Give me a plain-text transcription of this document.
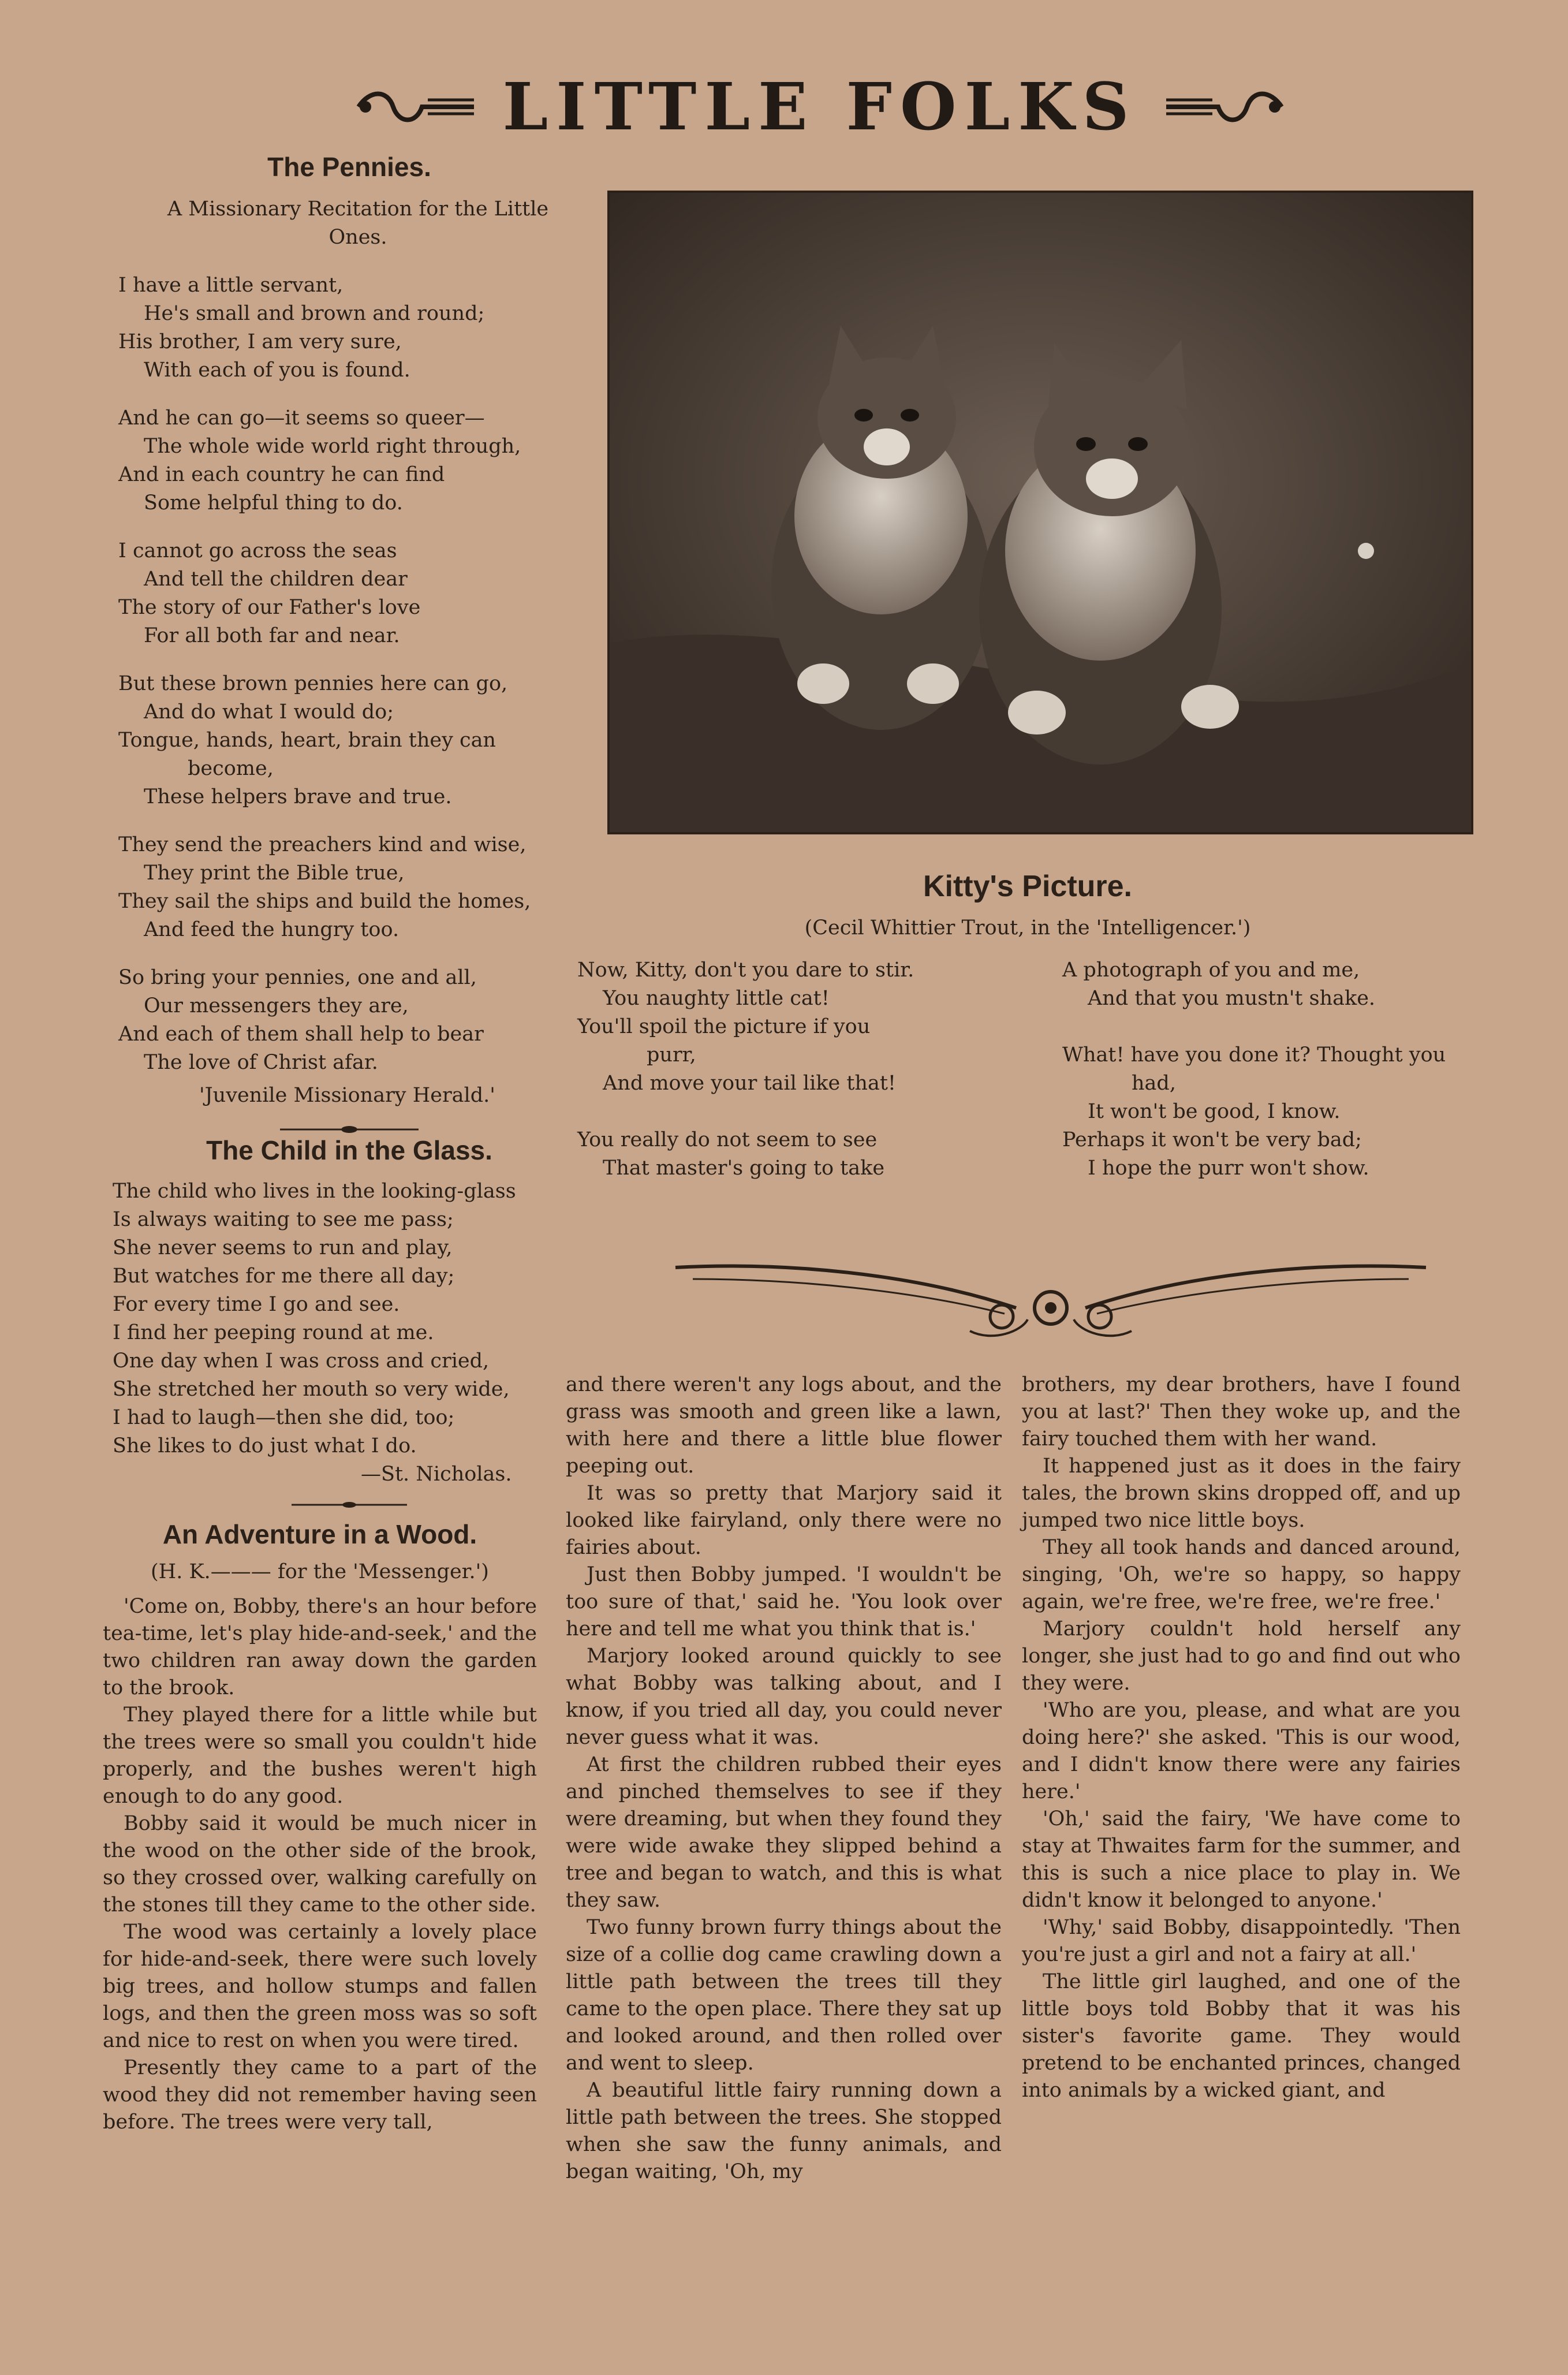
LITTLE FOLKS
The Pennies.
A Missionary Recitation for the Little
Ones.
I have a little servant,
He's small and brown and round;
His brother, I am very sure,
With each of you is found.
And he can go—it seems so queer—
The whole wide world right through,
And in each country he can find
Some helpful thing to do.
I cannot go across the seas
And tell the children dear
The story of our Father's love
For all both far and near.
But these brown pennies here can go,
And do what I would do;
Tongue, hands, heart, brain they can
become,
These helpers brave and true.
They send the preachers kind and wise,
They print the Bible true,
They sail the ships and build the homes,
And feed the hungry too.
So bring your pennies, one and all,
Our messengers they are,
And each of them shall help to bear
The love of Christ afar.
'Juvenile Missionary Herald.'
The Child in the Glass.
The child who lives in the looking-glass
Is always waiting to see me pass;
She never seems to run and play,
But watches for me there all day;
For every time I go and see.
I find her peeping round at me.
One day when I was cross and cried,
She stretched her mouth so very wide,
I had to laugh—then she did, too;
She likes to do just what I do.
—St. Nicholas.
An Adventure in a Wood.
(H. K.——— for the 'Messenger.')

'Come on, Bobby, there's an hour before tea-time, let's play hide-and-seek,' and the two children ran away down the garden to the brook.

They played there for a little while but the trees were so small you couldn't hide properly, and the bushes weren't high enough to do any good.

Bobby said it would be much nicer in the wood on the other side of the brook, so they crossed over, walking carefully on the stones till they came to the other side.

The wood was certainly a lovely place for hide-and-seek, there were such lovely big trees, and hollow stumps and fallen logs, and then the green moss was so soft and nice to rest on when you were tired.

Presently they came to a part of the wood they did not remember having seen before. The trees were very tall,

Kitty's Picture.
(Cecil Whittier Trout, in the 'Intelligencer.')
Now, Kitty, don't you dare to stir.
You naughty little cat!
You'll spoil the picture if you
purr,
And move your tail like that!

You really do not seem to see
That master's going to take
A photograph of you and me,
And that you mustn't shake.

What! have you done it? Thought you
had,
It won't be good, I know.
Perhaps it won't be very bad;
I hope the purr won't show.

and there weren't any logs about, and the grass was smooth and green like a lawn, with here and there a little blue flower peeping out.

It was so pretty that Marjory said it looked like fairyland, only there were no fairies about.

Just then Bobby jumped. 'I wouldn't be too sure of that,' said he. 'You look over here and tell me what you think that is.'

Marjory looked around quickly to see what Bobby was talking about, and I know, if you tried all day, you could never never guess what it was.

At first the children rubbed their eyes and pinched themselves to see if they were dreaming, but when they found they were wide awake they slipped behind a tree and began to watch, and this is what they saw.

Two funny brown furry things about the size of a collie dog came crawling down a little path between the trees till they came to the open place. There they sat up and looked around, and then rolled over and went to sleep.

A beautiful little fairy running down a little path between the trees. She stopped when she saw the funny animals, and began waiting, 'Oh, my

brothers, my dear brothers, have I found you at last?' Then they woke up, and the fairy touched them with her wand.

It happened just as it does in the fairy tales, the brown skins dropped off, and up jumped two nice little boys.

They all took hands and danced around, singing, 'Oh, we're so happy, so happy again, we're free, we're free, we're free.'

Marjory couldn't hold herself any longer, she just had to go and find out who they were.

'Who are you, please, and what are you doing here?' she asked. 'This is our wood, and I didn't know there were any fairies here.'

'Oh,' said the fairy, 'We have come to stay at Thwaites farm for the summer, and this is such a nice place to play in. We didn't know it belonged to anyone.'

'Why,' said Bobby, disappointedly. 'Then you're just a girl and not a fairy at all.'

The little girl laughed, and one of the little boys told Bobby that it was his sister's favorite game. They would pretend to be enchanted princes, changed into animals by a wicked giant, and
